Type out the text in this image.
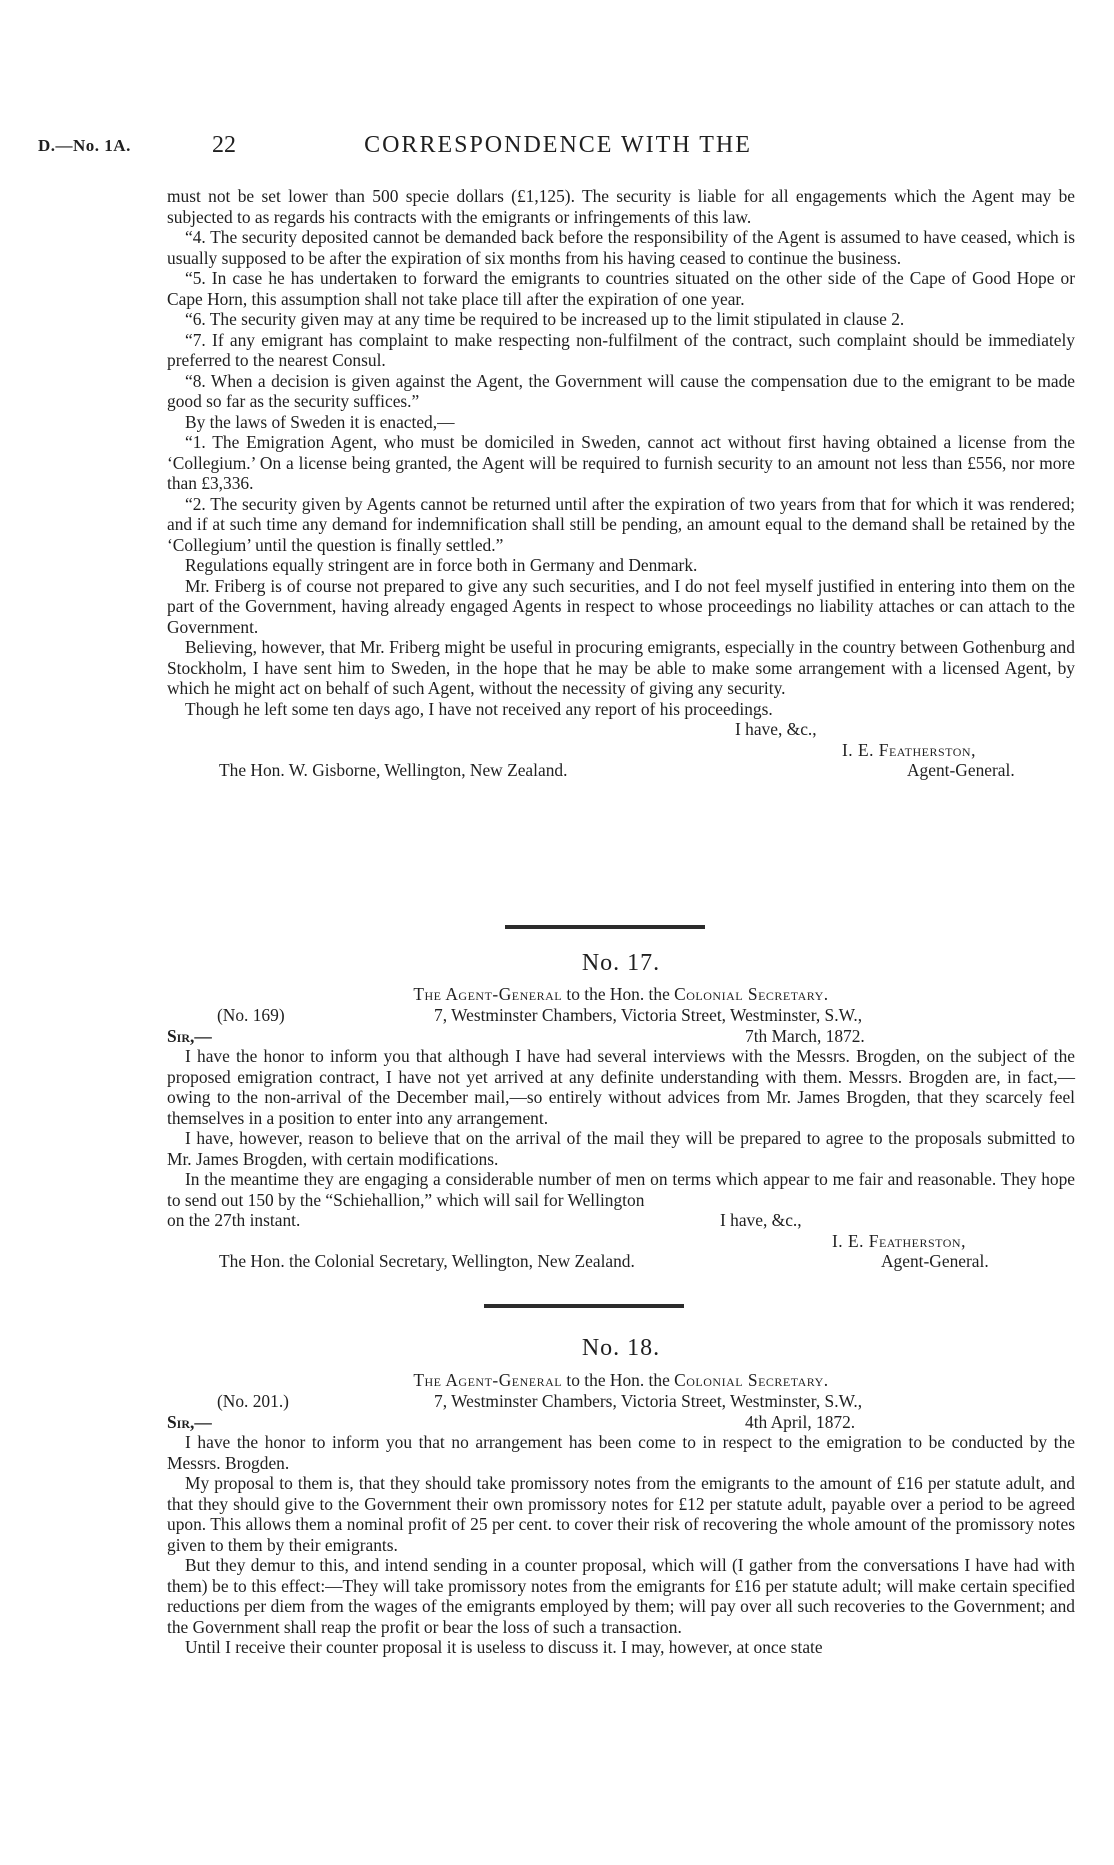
D.—No. 1A.	22	CORRESPONDENCE WITH THE

must not be set lower than 500 specie dollars (£1,125). The security is liable for all engagements which the Agent may be subjected to as regards his contracts with the emigrants or infringements of this law.

“4. The security deposited cannot be demanded back before the responsibility of the Agent is assumed to have ceased, which is usually supposed to be after the expiration of six months from his having ceased to continue the business.

“5. In case he has undertaken to forward the emigrants to countries situated on the other side of the Cape of Good Hope or Cape Horn, this assumption shall not take place till after the expiration of one year.

“6. The security given may at any time be required to be increased up to the limit stipulated in clause 2.

“7. If any emigrant has complaint to make respecting non-fulfilment of the contract, such complaint should be immediately preferred to the nearest Consul.

“8. When a decision is given against the Agent, the Government will cause the compensation due to the emigrant to be made good so far as the security suffices.”

By the laws of Sweden it is enacted,—

“1. The Emigration Agent, who must be domiciled in Sweden, cannot act without first having obtained a license from the ‘Collegium.’ On a license being granted, the Agent will be required to furnish security to an amount not less than £556, nor more than £3,336.

“2. The security given by Agents cannot be returned until after the expiration of two years from that for which it was rendered; and if at such time any demand for indemnification shall still be pending, an amount equal to the demand shall be retained by the ‘Collegium’ until the question is finally settled.”

Regulations equally stringent are in force both in Germany and Denmark.

Mr. Friberg is of course not prepared to give any such securities, and I do not feel myself justified in entering into them on the part of the Government, having already engaged Agents in respect to whose proceedings no liability attaches or can attach to the Government.

Believing, however, that Mr. Friberg might be useful in procuring emigrants, especially in the country between Gothenburg and Stockholm, I have sent him to Sweden, in the hope that he may be able to make some arrangement with a licensed Agent, by which he might act on behalf of such Agent, without the necessity of giving any security.

Though he left some ten days ago, I have not received any report of his proceedings.

I have, &c.,
I. E. Featherston,
The Hon. W. Gisborne, Wellington, New Zealand.	Agent-General.
No. 17.
The Agent-General to the Hon. the Colonial Secretary.
(No. 169)	7, Westminster Chambers, Victoria Street, Westminster, S.W.,
Sir,—	7th March, 1872.

I have the honor to inform you that although I have had several interviews with the Messrs. Brogden, on the subject of the proposed emigration contract, I have not yet arrived at any definite understanding with them. Messrs. Brogden are, in fact,—owing to the non-arrival of the December mail,—so entirely without advices from Mr. James Brogden, that they scarcely feel themselves in a position to enter into any arrangement.

I have, however, reason to believe that on the arrival of the mail they will be prepared to agree to the proposals submitted to Mr. James Brogden, with certain modifications.

In the meantime they are engaging a considerable number of men on terms which appear to me fair and reasonable. They hope to send out 150 by the “Schiehallion,” which will sail for Wellington

on the 27th instant.	I have, &c.,
I. E. Featherston,
The Hon. the Colonial Secretary, Wellington, New Zealand.	Agent-General.
No. 18.
The Agent-General to the Hon. the Colonial Secretary.
(No. 201.)	7, Westminster Chambers, Victoria Street, Westminster, S.W.,
Sir,—	4th April, 1872.

I have the honor to inform you that no arrangement has been come to in respect to the emigration to be conducted by the Messrs. Brogden.

My proposal to them is, that they should take promissory notes from the emigrants to the amount of £16 per statute adult, and that they should give to the Government their own promissory notes for £12 per statute adult, payable over a period to be agreed upon. This allows them a nominal profit of 25 per cent. to cover their risk of recovering the whole amount of the promissory notes given to them by their emigrants.

But they demur to this, and intend sending in a counter proposal, which will (I gather from the conversations I have had with them) be to this effect:—They will take promissory notes from the emigrants for £16 per statute adult; will make certain specified reductions per diem from the wages of the emigrants employed by them; will pay over all such recoveries to the Government; and the Government shall reap the profit or bear the loss of such a transaction.

Until I receive their counter proposal it is useless to discuss it. I may, however, at once state
